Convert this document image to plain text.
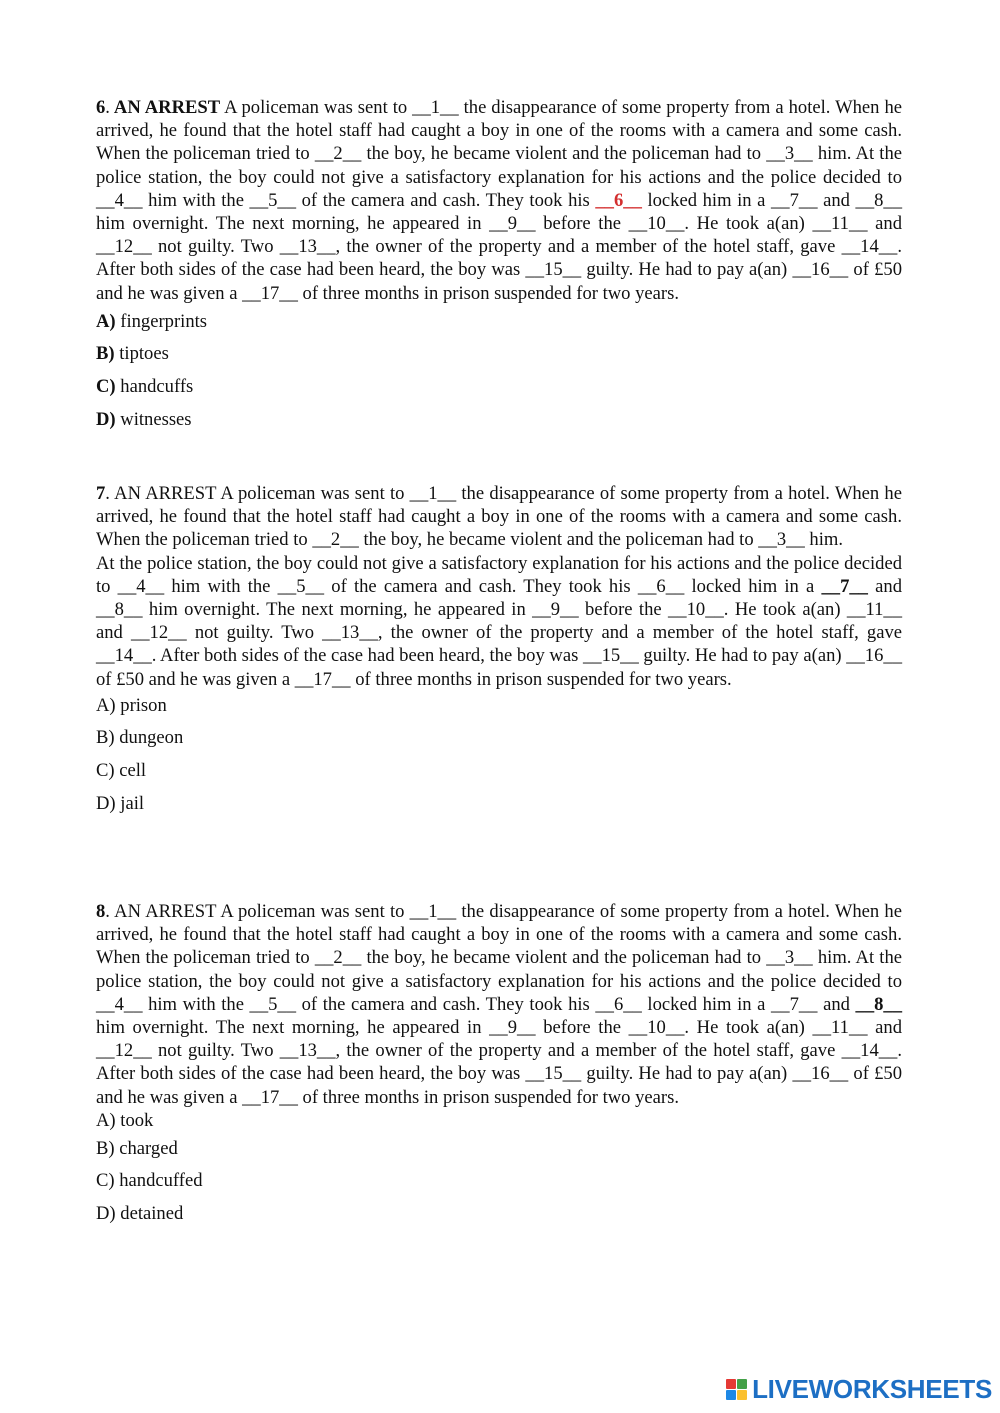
6. AN ARREST A policeman was sent to __1__ the disappearance of some property from a hotel. When he arrived, he found that the hotel staff had caught a boy in one of the rooms with a camera and some cash. When the policeman tried to __2__ the boy, he became violent and the policeman had to __3__ him. At the police station, the boy could not give a satisfactory explanation for his actions and the police decided to __4__ him with the __5__ of the camera and cash. They took his __6__ locked him in a __7__ and __8__ him overnight. The next morning, he appeared in __9__ before the __10__. He took a(an) __11__ and __12__ not guilty. Two __13__, the owner of the property and a member of the hotel staff, gave __14__. After both sides of the case had been heard, the boy was __15__ guilty. He had to pay a(an) __16__ of £50 and he was given a __17__ of three months in prison suspended for two years.

A) fingerprints

B) tiptoes

C) handcuffs

D) witnesses

7. AN ARREST A policeman was sent to __1__ the disappearance of some property from a hotel. When he arrived, he found that the hotel staff had caught a boy in one of the rooms with a camera and some cash. When the policeman tried to __2__ the boy, he became violent and the policeman had to __3__ him.

At the police station, the boy could not give a satisfactory explanation for his actions and the police decided to __4__ him with the __5__ of the camera and cash. They took his __6__ locked him in a __7__ and __8__ him overnight. The next morning, he appeared in __9__ before the __10__. He took a(an) __11__ and __12__ not guilty. Two __13__, the owner of the property and a member of the hotel staff, gave __14__. After both sides of the case had been heard, the boy was __15__ guilty. He had to pay a(an) __16__ of £50 and he was given a __17__ of three months in prison suspended for two years.

A) prison

B) dungeon

C) cell

D) jail

8. AN ARREST A policeman was sent to __1__ the disappearance of some property from a hotel. When he arrived, he found that the hotel staff had caught a boy in one of the rooms with a camera and some cash. When the policeman tried to __2__ the boy, he became violent and the policeman had to __3__ him. At the police station, the boy could not give a satisfactory explanation for his actions and the police decided to __4__ him with the __5__ of the camera and cash. They took his __6__ locked him in a __7__ and __8__ him overnight. The next morning, he appeared in __9__ before the __10__. He took a(an) __11__ and __12__ not guilty. Two __13__, the owner of the property and a member of the hotel staff, gave __14__. After both sides of the case had been heard, the boy was __15__ guilty. He had to pay a(an) __16__ of £50 and he was given a __17__ of three months in prison suspended for two years.

A) took

B) charged

C) handcuffed

D) detained

LIVEWORKSHEETS
